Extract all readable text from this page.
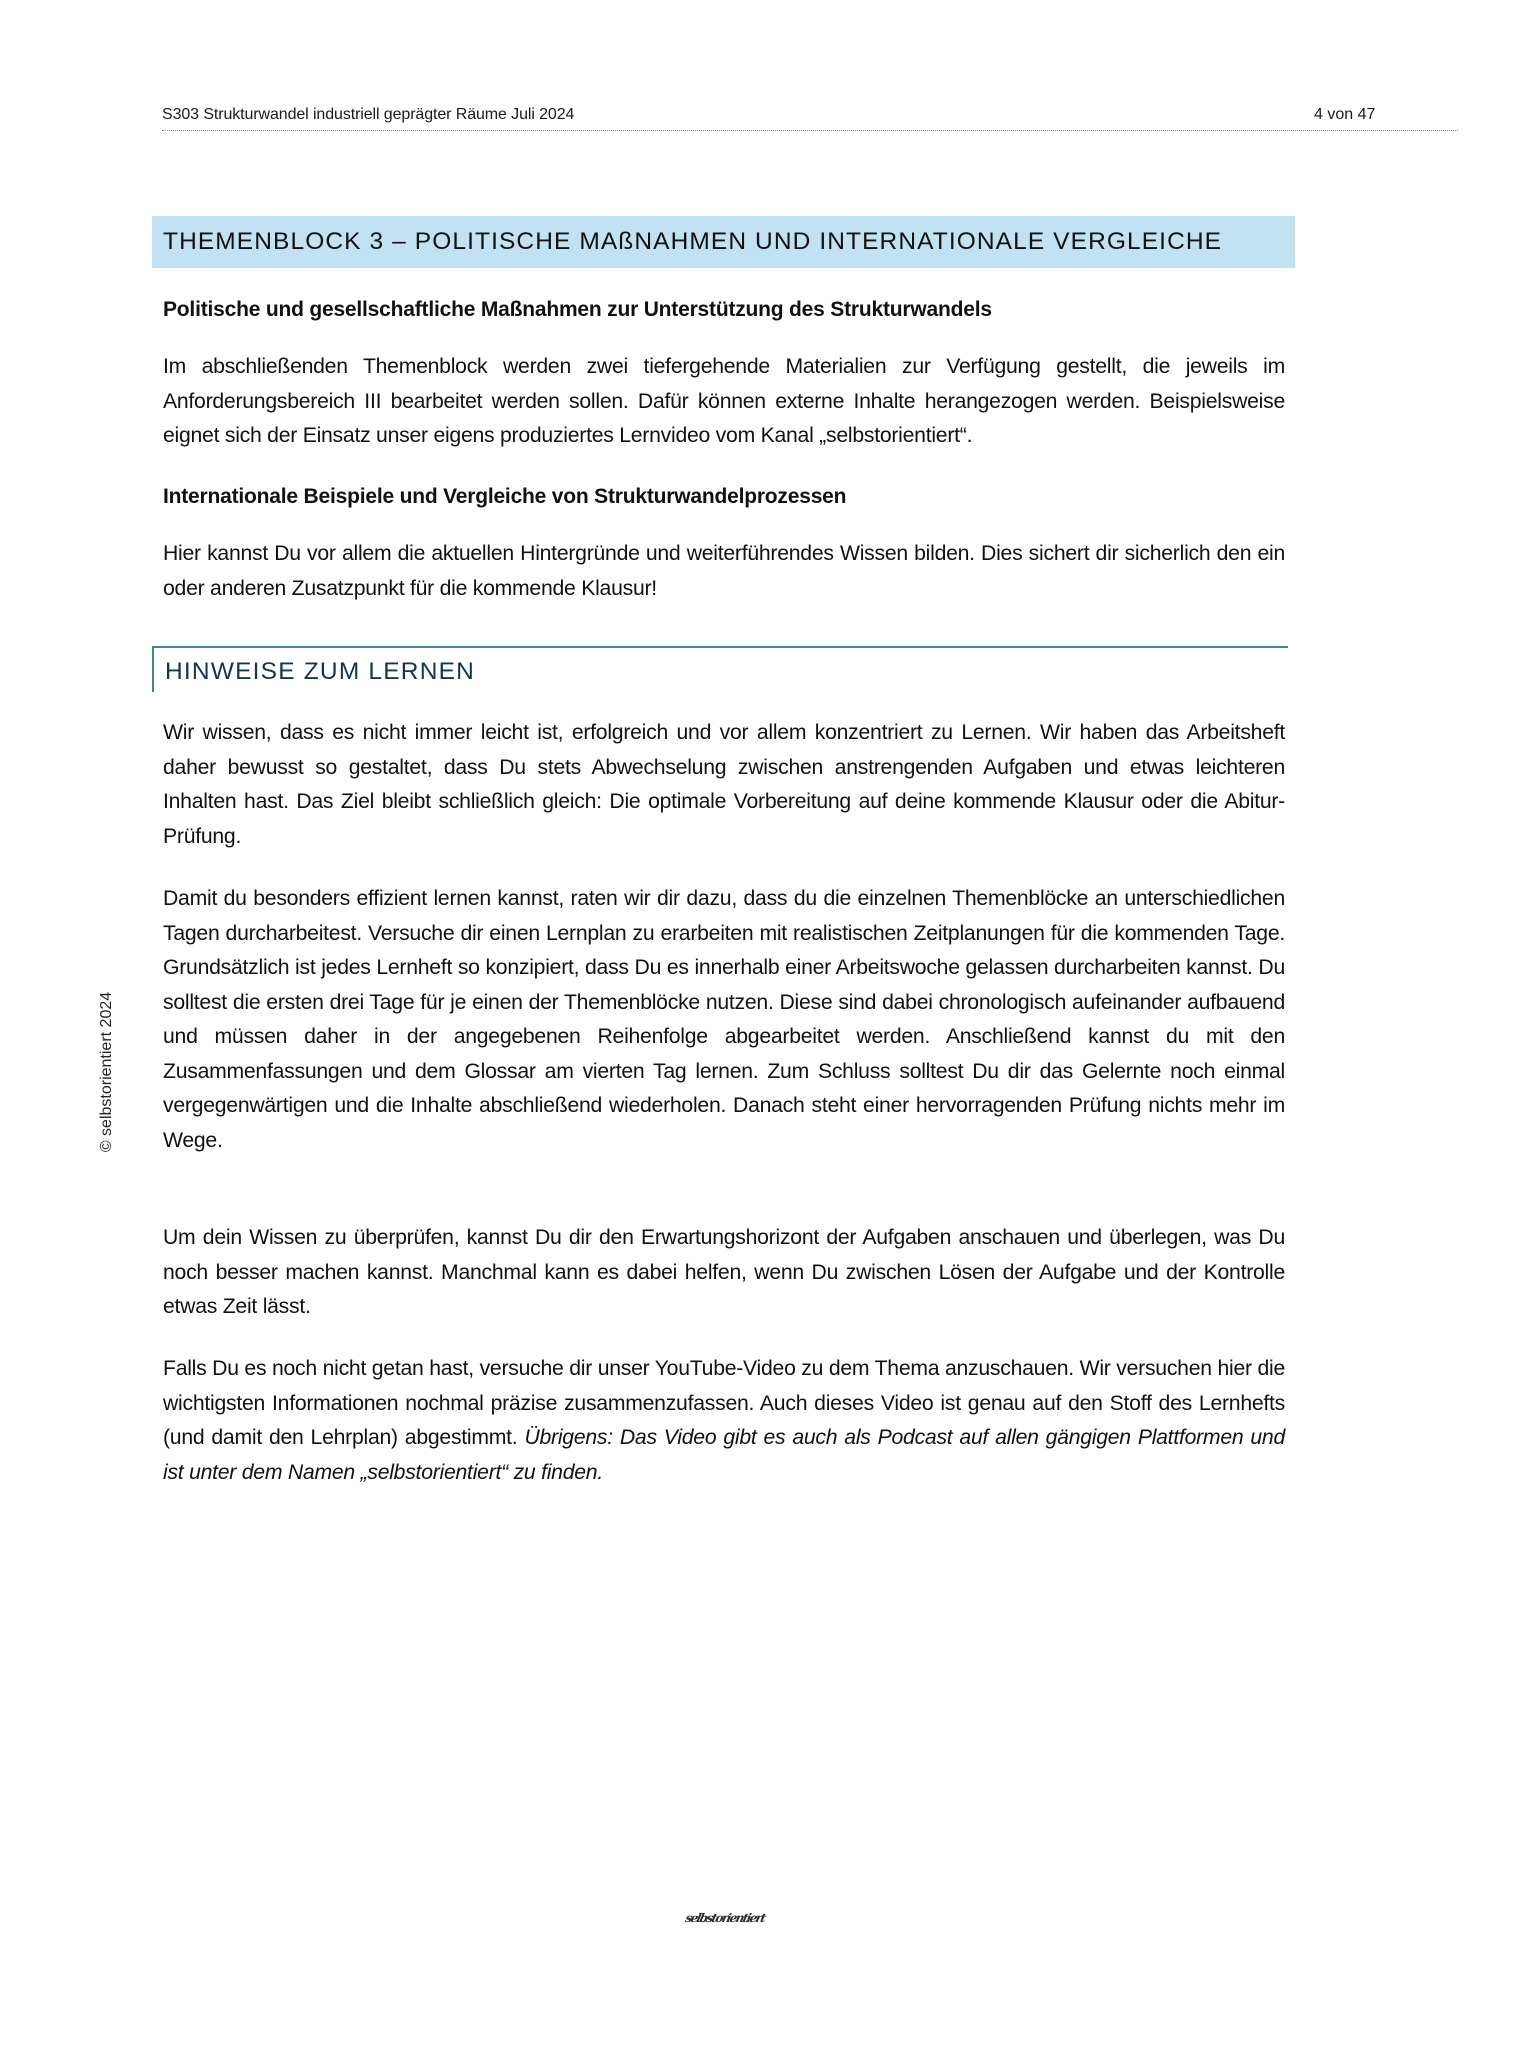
S303 Strukturwandel industriell geprägter Räume Juli 2024	4 von 47
THEMENBLOCK 3 – POLITISCHE MAßNAHMEN UND INTERNATIONALE VERGLEICHE

Politische und gesellschaftliche Maßnahmen zur Unterstützung des Strukturwandels

Im abschließenden Themenblock werden zwei tiefergehende Materialien zur Verfügung gestellt, die jeweils im Anforderungsbereich III bearbeitet werden sollen. Dafür können externe Inhalte herangezogen werden. Beispielsweise eignet sich der Einsatz unser eigens produziertes Lernvideo vom Kanal „selbstorientiert“.

Internationale Beispiele und Vergleiche von Strukturwandelprozessen

Hier kannst Du vor allem die aktuellen Hintergründe und weiterführendes Wissen bilden. Dies sichert dir sicherlich den ein oder anderen Zusatzpunkt für die kommende Klausur!

HINWEISE ZUM LERNEN

Wir wissen, dass es nicht immer leicht ist, erfolgreich und vor allem konzentriert zu Lernen. Wir haben das Arbeitsheft daher bewusst so gestaltet, dass Du stets Abwechselung zwischen anstrengenden Aufgaben und etwas leichteren Inhalten hast. Das Ziel bleibt schließlich gleich: Die optimale Vorbereitung auf deine kommende Klausur oder die Abitur-Prüfung.

Damit du besonders effizient lernen kannst, raten wir dir dazu, dass du die einzelnen Themenblöcke an unterschiedlichen Tagen durcharbeitest. Versuche dir einen Lernplan zu erarbeiten mit realistischen Zeitplanungen für die kommenden Tage. Grundsätzlich ist jedes Lernheft so konzipiert, dass Du es innerhalb einer Arbeitswoche gelassen durcharbeiten kannst. Du solltest die ersten drei Tage für je einen der Themenblöcke nutzen. Diese sind dabei chronologisch aufeinander aufbauend und müssen daher in der angegebenen Reihenfolge abgearbeitet werden. Anschließend kannst du mit den Zusammenfassungen und dem Glossar am vierten Tag lernen. Zum Schluss solltest Du dir das Gelernte noch einmal vergegenwärtigen und die Inhalte abschließend wiederholen. Danach steht einer hervorragenden Prüfung nichts mehr im Wege.

Um dein Wissen zu überprüfen, kannst Du dir den Erwartungshorizont der Aufgaben anschauen und überlegen, was Du noch besser machen kannst. Manchmal kann es dabei helfen, wenn Du zwischen Lösen der Aufgabe und der Kontrolle etwas Zeit lässt.

Falls Du es noch nicht getan hast, versuche dir unser YouTube-Video zu dem Thema anzuschauen. Wir versuchen hier die wichtigsten Informationen nochmal präzise zusammenzufassen. Auch dieses Video ist genau auf den Stoff des Lernhefts (und damit den Lehrplan) abgestimmt. Übrigens: Das Video gibt es auch als Podcast auf allen gängigen Plattformen und ist unter dem Namen „selbstorientiert“ zu finden.

© selbstorientiert 2024
selbstorientiert
